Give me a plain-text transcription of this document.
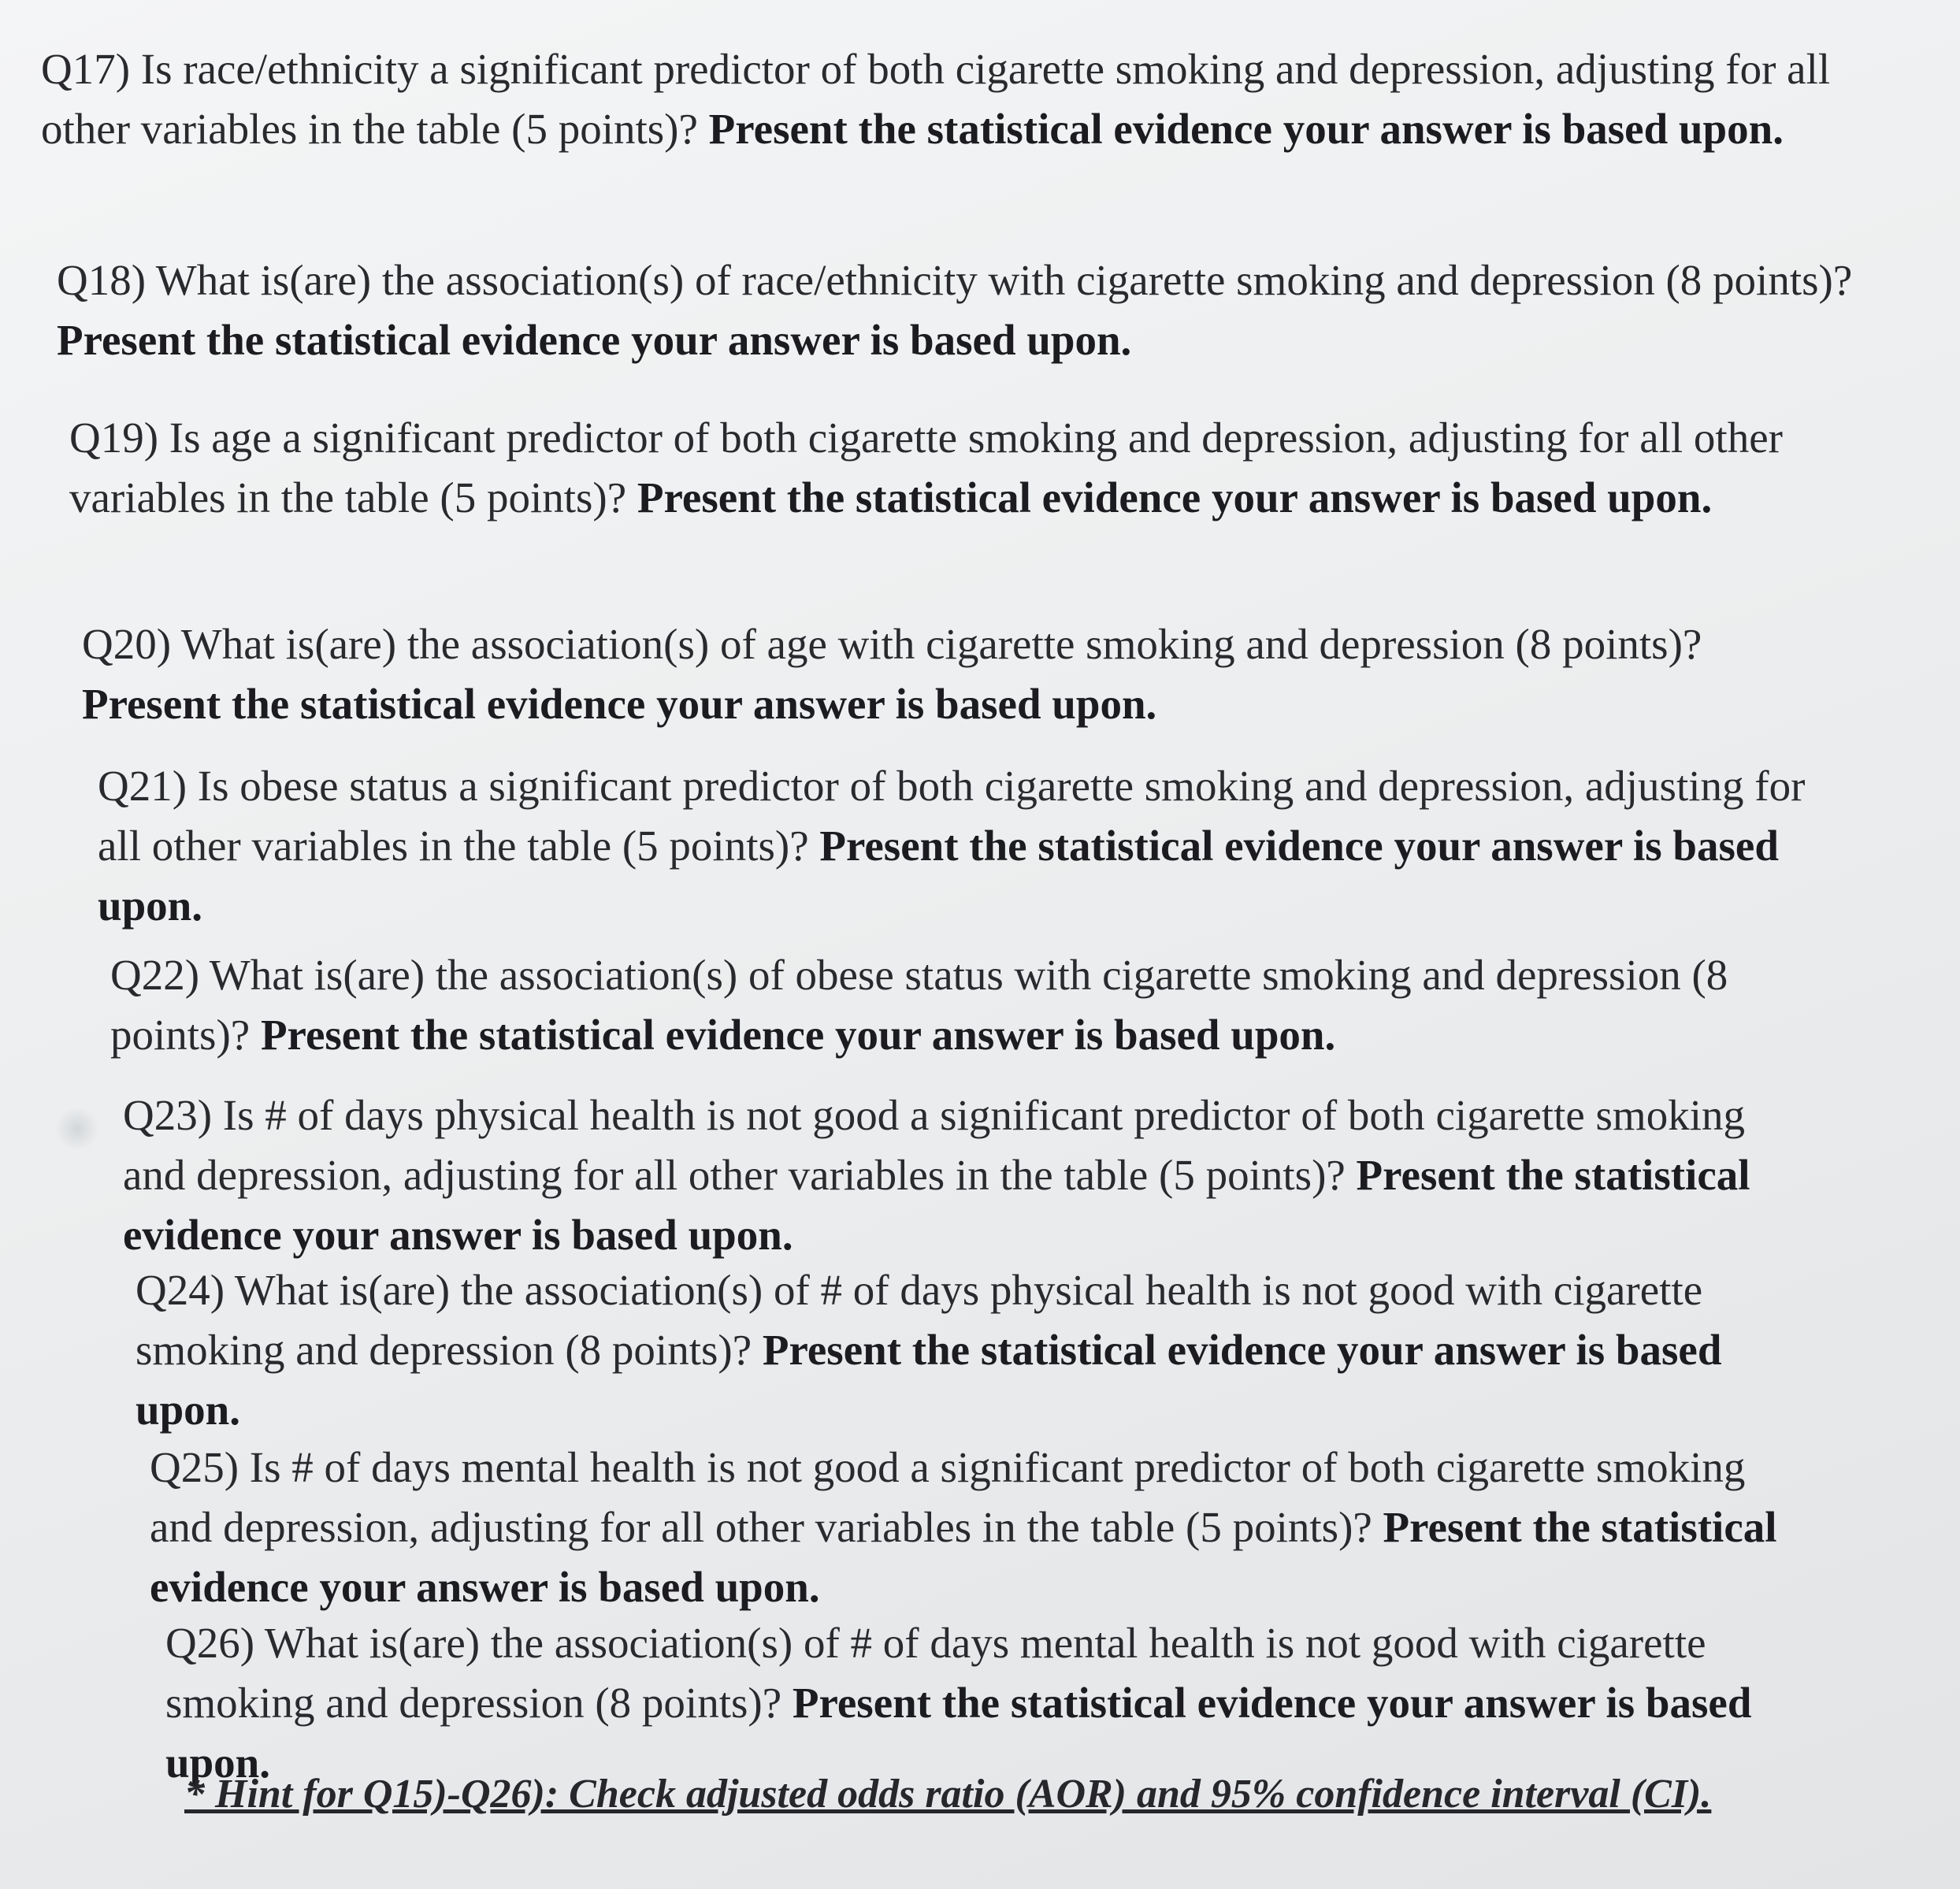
Q17) Is race/ethnicity a significant predictor of both cigarette smoking and depression, adjusting for all other variables in the table (5 points)? Present the statistical evidence your answer is based upon.

Q18) What is(are) the association(s) of race/ethnicity with cigarette smoking and depression (8 points)? Present the statistical evidence your answer is based upon.

Q19) Is age a significant predictor of both cigarette smoking and depression, adjusting for all other variables in the table (5 points)? Present the statistical evidence your answer is based upon.

Q20) What is(are) the association(s) of age with cigarette smoking and depression (8 points)? Present the statistical evidence your answer is based upon.

Q21) Is obese status a significant predictor of both cigarette smoking and depression, adjusting for all other variables in the table (5 points)? Present the statistical evidence your answer is based upon.

Q22) What is(are) the association(s) of obese status with cigarette smoking and depression (8 points)? Present the statistical evidence your answer is based upon.

Q23) Is # of days physical health is not good a significant predictor of both cigarette smoking and depression, adjusting for all other variables in the table (5 points)? Present the statistical evidence your answer is based upon.

Q24) What is(are) the association(s) of # of days physical health is not good with cigarette smoking and depression (8 points)? Present the statistical evidence your answer is based upon.

Q25) Is # of days mental health is not good a significant predictor of both cigarette smoking and depression, adjusting for all other variables in the table (5 points)? Present the statistical evidence your answer is based upon.

Q26) What is(are) the association(s) of # of days mental health is not good with cigarette smoking and depression (8 points)? Present the statistical evidence your answer is based upon.

* Hint for Q15)-Q26): Check adjusted odds ratio (AOR) and 95% confidence interval (CI).
